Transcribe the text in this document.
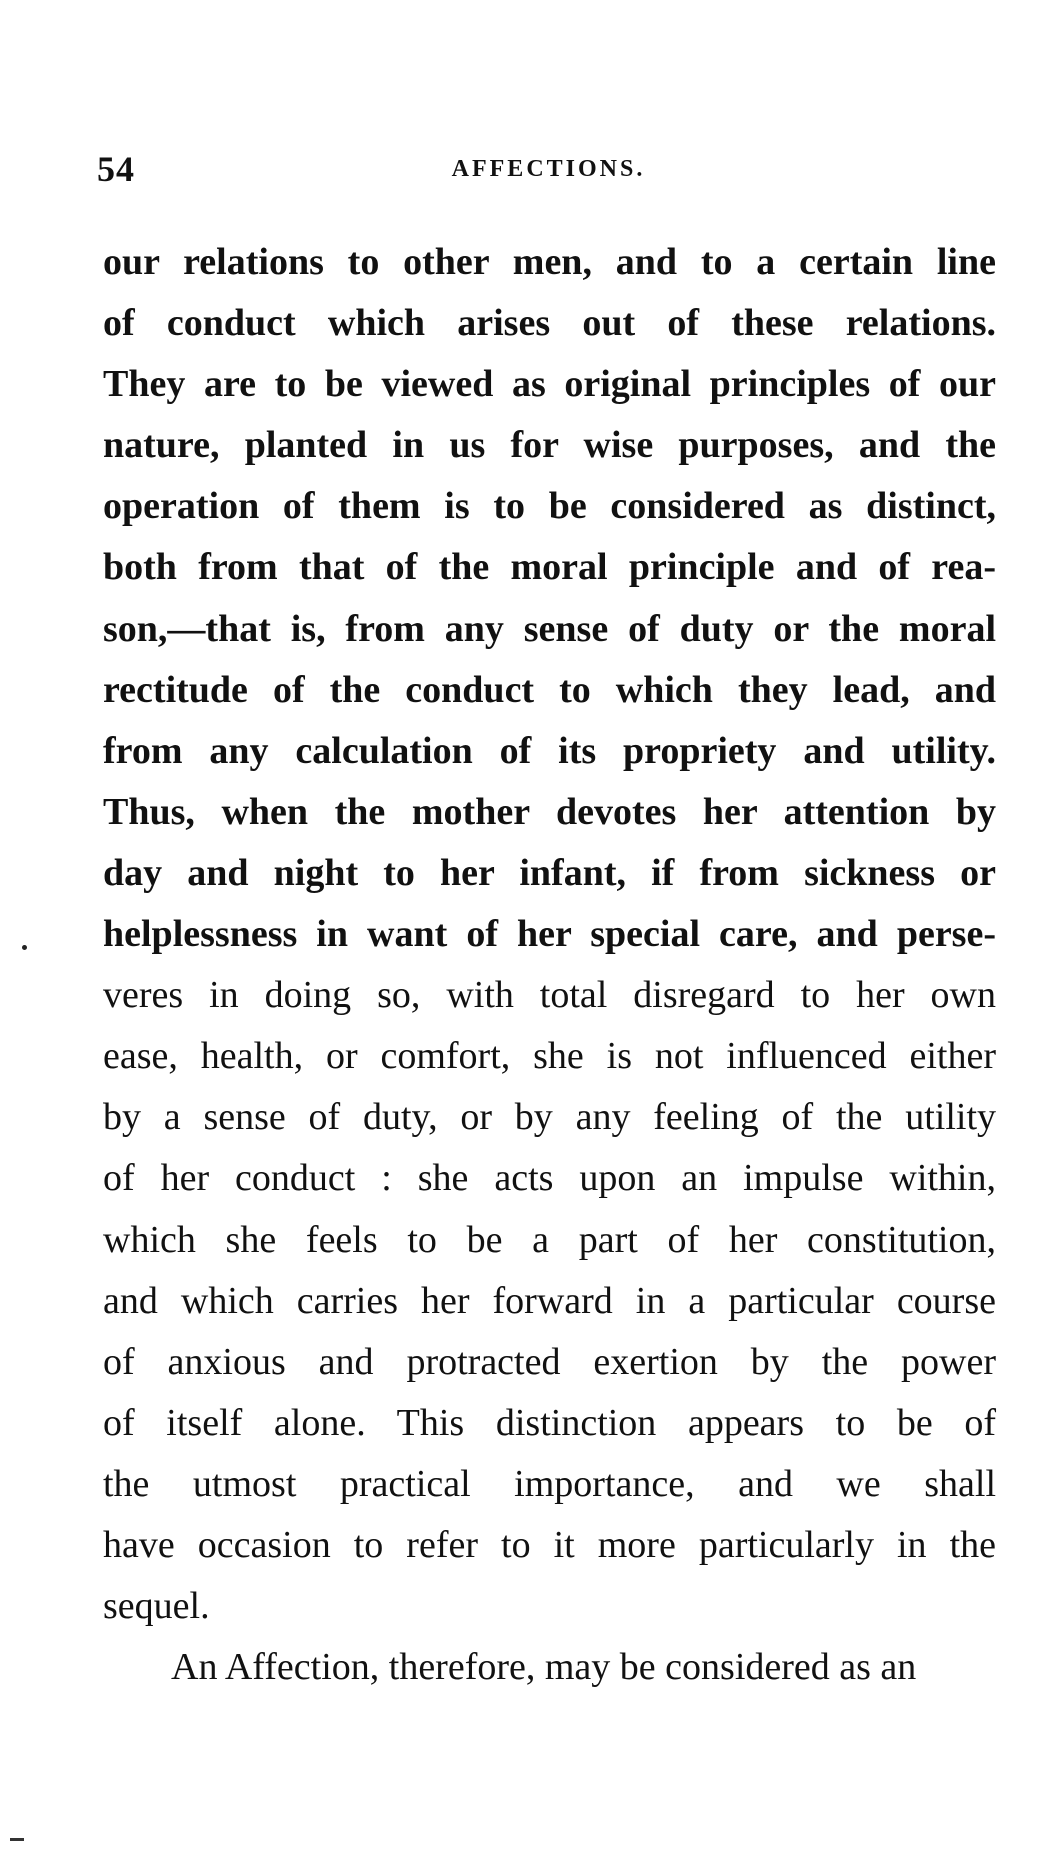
54	AFFECTIONS.
our relations to other men, and to a certain line
of conduct which arises out of these relations.
They are to be viewed as original principles of our
nature, planted in us for wise purposes, and the
operation of them is to be considered as distinct,
both from that of the moral principle and of rea-
son,—that is, from any sense of duty or the moral
rectitude of the conduct to which they lead, and
from any calculation of its propriety and utility.
Thus, when the mother devotes her attention by
day and night to her infant, if from sickness or
helplessness in want of her special care, and perse-
veres in doing so, with total disregard to her own
ease, health, or comfort, she is not influenced either
by a sense of duty, or by any feeling of the utility
of her conduct : she acts upon an impulse within,
which she feels to be a part of her constitution,
and which carries her forward in a particular course
of anxious and protracted exertion by the power
of itself alone. This distinction appears to be of
the utmost practical importance, and we shall
have occasion to refer to it more particularly in the
sequel.
An Affection, therefore, may be considered as an
